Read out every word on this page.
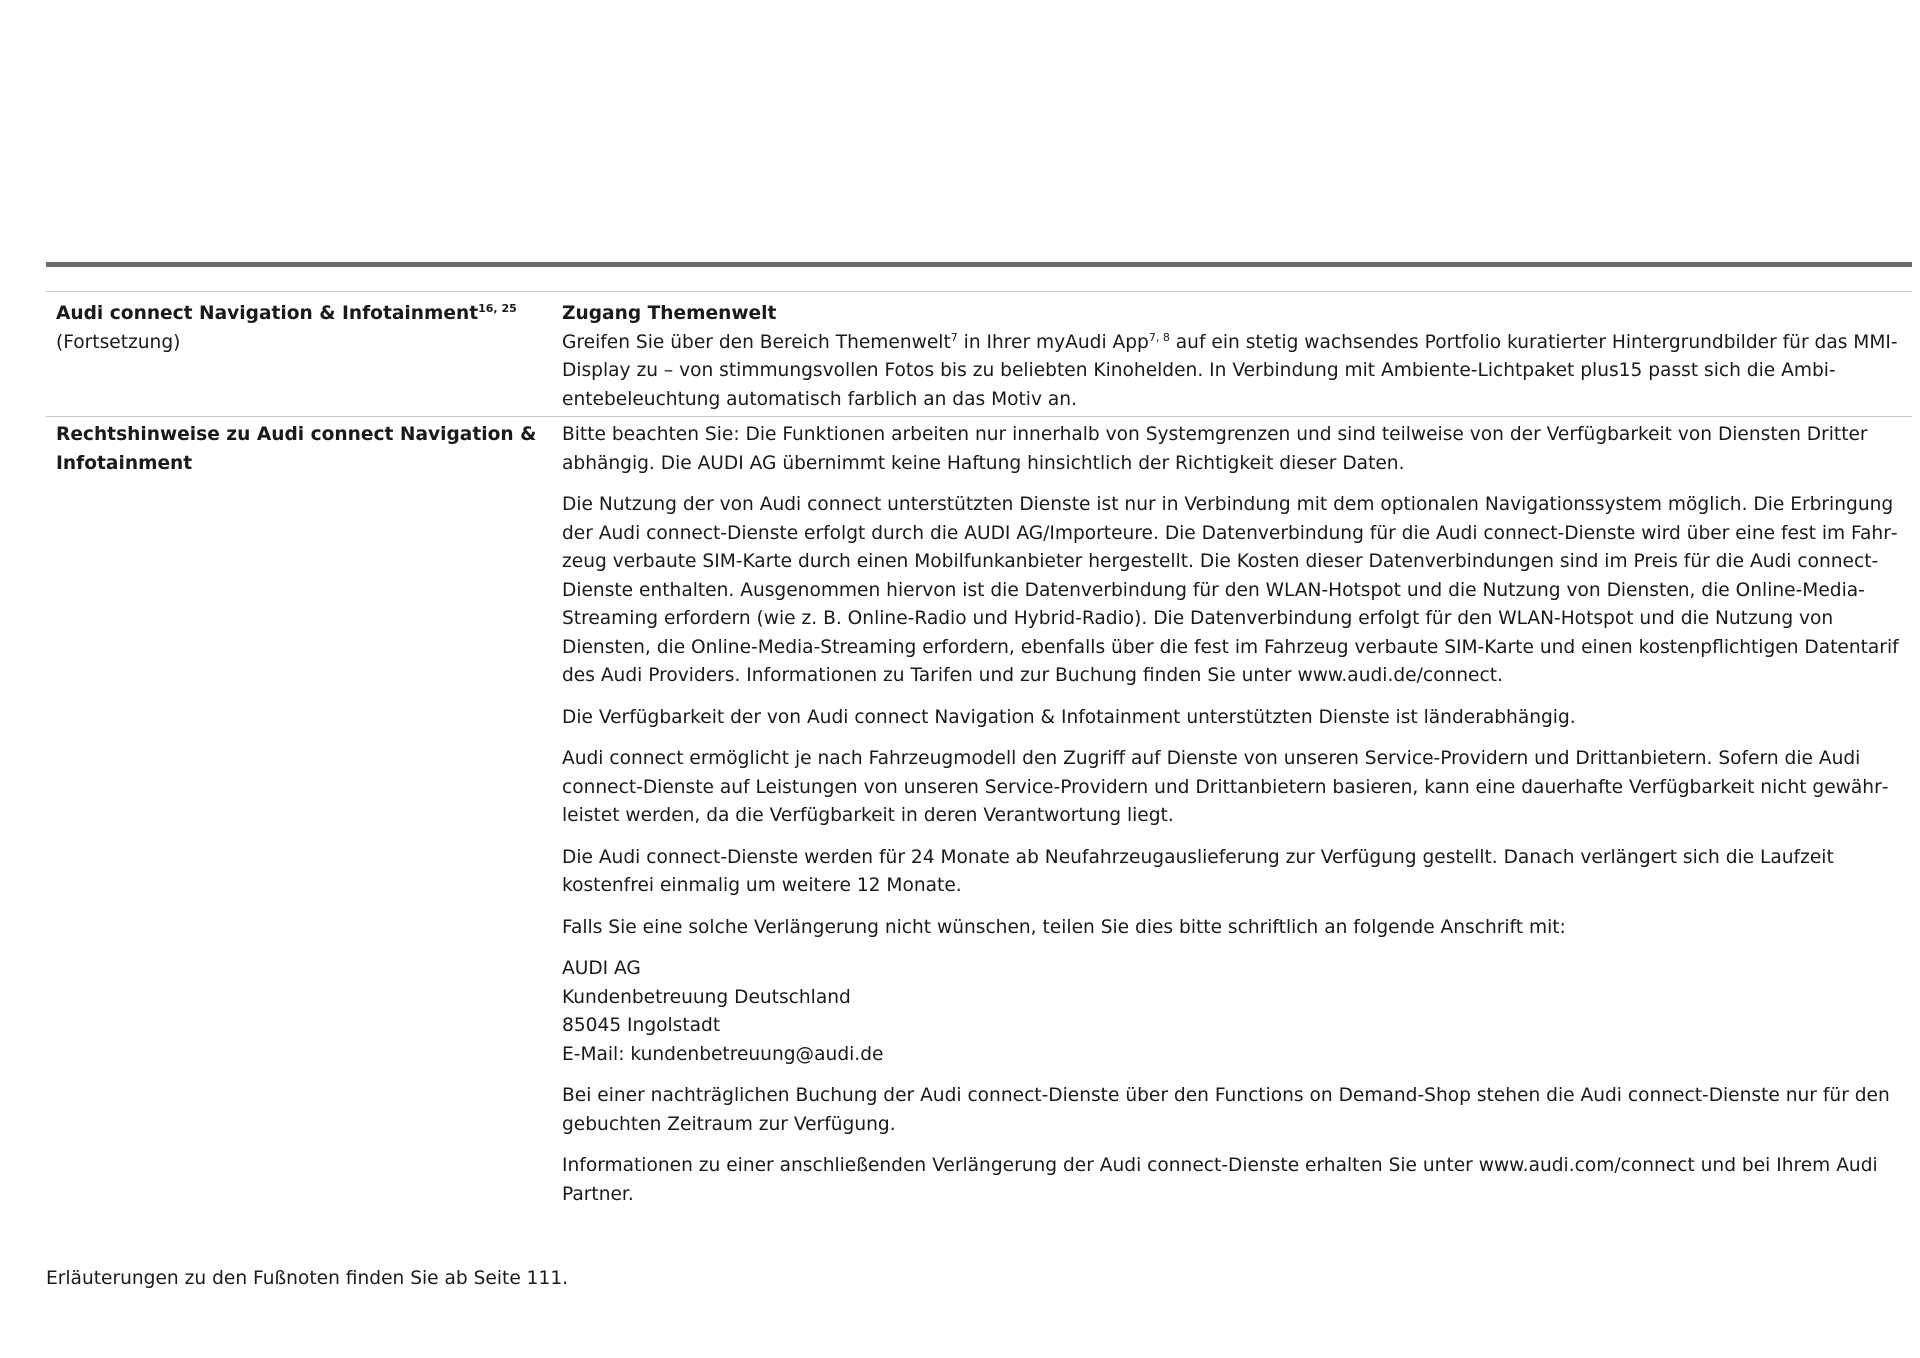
Audi connect Navigation & Infotainment$^{16, 25}$
(Fortsetzung)
Zugang Themenwelt
Greifen Sie über den Bereich Themenwelt$^7$ in Ihrer myAudi App$^{7, 8}$ auf ein stetig wachsendes Portfolio kuratierter Hintergrundbilder für das MMI-Display zu – von stimmungsvollen Fotos bis zu beliebten Kinohelden. In Verbindung mit Ambiente-Lichtpaket plus15 passt sich die Ambientebeleuchtung automatisch farblich an das Motiv an.
Rechtshinweise zu Audi connect Navigation & Infotainment

Bitte beachten Sie: Die Funktionen arbeiten nur innerhalb von Systemgrenzen und sind teilweise von der Verfügbarkeit von Diensten Dritter abhängig. Die AUDI AG übernimmt keine Haftung hinsichtlich der Richtigkeit dieser Daten.

Die Nutzung der von Audi connect unterstützten Dienste ist nur in Verbindung mit dem optionalen Navigationssystem möglich. Die Erbringung der Audi connect-Dienste erfolgt durch die AUDI AG/Importeure. Die Datenverbindung für die Audi connect-Dienste wird über eine fest im Fahrzeug verbaute SIM-Karte durch einen Mobilfunkanbieter hergestellt. Die Kosten dieser Datenverbindungen sind im Preis für die Audi connect-Dienste enthalten. Ausgenommen hiervon ist die Datenverbindung für den WLAN-Hotspot und die Nutzung von Diensten, die Online-Media-Streaming erfordern (wie z. B. Online-Radio und Hybrid-Radio). Die Datenverbindung erfolgt für den WLAN-Hotspot und die Nutzung von Diensten, die Online-Media-Streaming erfordern, ebenfalls über die fest im Fahrzeug verbaute SIM-Karte und einen kostenpflichtigen Datentarif des Audi Providers. Informationen zu Tarifen und zur Buchung finden Sie unter www.audi.de/connect.

Die Verfügbarkeit der von Audi connect Navigation & Infotainment unterstützten Dienste ist länderabhängig.

Audi connect ermöglicht je nach Fahrzeugmodell den Zugriff auf Dienste von unseren Service-Providern und Drittanbietern. Sofern die Audi connect-Dienste auf Leistungen von unseren Service-Providern und Drittanbietern basieren, kann eine dauerhafte Verfügbarkeit nicht gewährleistet werden, da die Verfügbarkeit in deren Verantwortung liegt.

Die Audi connect-Dienste werden für 24 Monate ab Neufahrzeugauslieferung zur Verfügung gestellt. Danach verlängert sich die Laufzeit kostenfrei einmalig um weitere 12 Monate.

Falls Sie eine solche Verlängerung nicht wünschen, teilen Sie dies bitte schriftlich an folgende Anschrift mit:

AUDI AG
Kundenbetreuung Deutschland
85045 Ingolstadt
E-Mail: kundenbetreuung@audi.de

Bei einer nachträglichen Buchung der Audi connect-Dienste über den Functions on Demand-Shop stehen die Audi connect-Dienste nur für den gebuchten Zeitraum zur Verfügung.

Informationen zu einer anschließenden Verlängerung der Audi connect-Dienste erhalten Sie unter www.audi.com/connect und bei Ihrem Audi Partner.

Erläuterungen zu den Fußnoten finden Sie ab Seite 111.
